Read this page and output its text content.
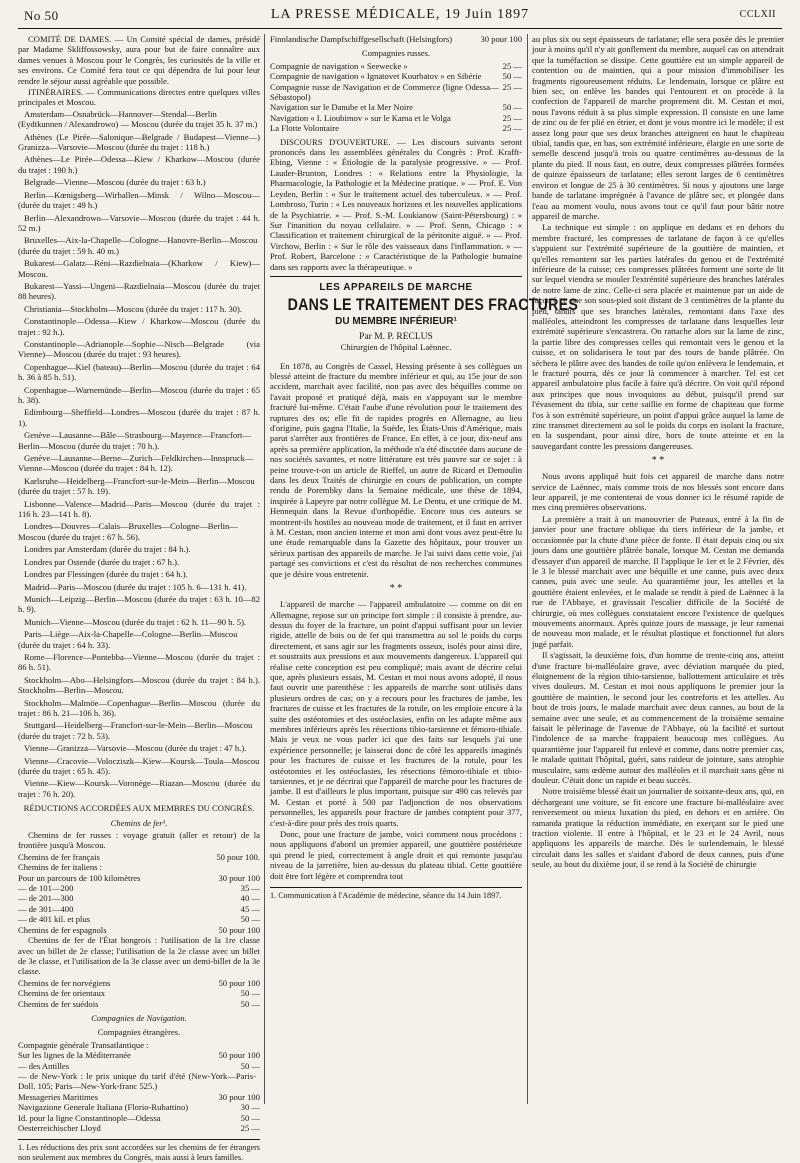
No 50	LA PRESSE MÉDICALE, 19 Juin 1897	CCLXII

COMITÉ DE DAMES. — Un Comité spécial de dames, présidé par Madame Skliffossowsky, aura pour but de faire connaître aux dames venues à Moscou pour le Congrès, les curiosités de la ville et ses environs. Ce Comité fera tout ce qui dépendra de lui pour leur rendre le séjour aussi agréable que possible.

ITINÉRAIRES. — Communications directes entre quelques villes principales et Moscou.

Amsterdam—Osnabrück—Hannover—Stendal—Berlin (Eydtkunnen / Alexandrowo) — Moscou (durée du trajet 35 h. 37 m.)
Athènes (Le Pirée—Salonique—Belgrade / Budapest—Vienne—) Granizza—Varsovie—Moscou (durée du trajet : 118 h.)
Athènes—Le Pirée—Odessa—Kiew / Kharkow—Moscou (durée du trajet : 190 h.)
Belgrade—Vienne—Moscou (durée du trajet : 63 h.)
Berlin—Kœnigsberg—Wirballen—Minsk / Wilno—Moscou—(durée du trajet : 49 h.)
Berlin—Alexandrowo—Varsovie—Moscou (durée du trajet : 44 h. 52 m.)
Bruxelles—Aix-la-Chapelle—Cologne—Hanovre-Berlin—Moscou (durée du trajet : 59 h. 40 m.)
Bukarest—Galatz—Réni—Razdielnaia—(Kharkow / Kiew)—Moscou.
Bukarest—Yassi—Ungeni—Razdielnaia—Moscou (durée du trajet 88 heures).
Christiania—Stockholm—Moscou (durée du trajet : 117 h. 30).
Constantinople—Odessa—Kiew / Kharkow—Moscou (durée du trajet : 92 h.).
Constantinople—Adrianople—Sophie—Nisch—Belgrade (via Vienne)—Moscou (durée du trajet : 93 heures).
Copenhague—Kiel (bateau)—Berlin—Moscou (durée du trajet : 64 h. 36 à 85 h. 51).
Copenhague—Warnemünde—Berlin—Moscou (durée du trajet : 65 h. 38).
Edimbourg—Sheffield—Londres—Moscou (durée du trajet : 87 h. 1).
Genève—Lausanne—Bâle—Strasbourg—Mayence—Francfort—Berlin—Moscou (durée du trajet : 70 h.).
Genève—Lausanne—Berne—Zurich—Feldkirchen—Innspruck—Vienne—Moscou (durée du trajet : 84 h. 12).
Karlsruhe—Heidelberg—Francfort-sur-le-Mein—Berlin—Moscou (durée du trajet : 57 h. 19).
Lisbonne—Valence—Madrid—Paris—Moscou (durée du trajet : 116 h. 23—141 h. 8).
Londres—Douvres—Calais—Bruxelles—Cologne—Berlin—Moscou (durée du trajet : 67 h. 56).
Londres par Amsterdam (durée du trajet : 84 h.).
Londres par Ostende (durée du trajet : 67 h.).
Londres par Flessingen (durée du trajet : 64 h.).
Madrid—Paris—Moscou (durée du trajet : 105 h. 6—131 h. 41).
Munich—Leipzig—Berlin—Moscou (durée du trajet : 63 h. 10—82 h. 9).
Munich—Vienne—Moscou (durée du trajet : 62 h. 11—90 h. 5).
Paris—Liège—Aix-la-Chapelle—Cologne—Berlin—Moscou (durée du trajet : 64 h. 33).
Rome—Florence—Pontebba—Vienne—Moscou (durée du trajet : 86 h. 51).
Stockholm—Abo—Helsingfors—Moscou (durée du trajet : 84 h.). Stockholm—Berlin—Moscou.
Stockholm—Malmöe—Copenhague—Berlin—Moscou (durée du trajet : 86 h. 21—106 h. 36).
Stuttgard—Heidelberg—Francfort-sur-le-Mein—Berlin—Moscou (durée du trajet : 72 h. 53).
Vienne—Granizza—Varsovie—Moscou (durée du trajet : 47 h.).
Vienne—Cracovie—Volocziszk—Kiew—Koursk—Toula—Moscou (durée du trajet : 65 h. 45).
Vienne—Kiew—Koursk—Voronège—Riazan—Moscou (durée du trajet : 76 h. 20).
RÉDUCTIONS ACCORDÉES AUX MEMBRES DU CONGRÈS.
Chemins de fer¹.

Chemins de fer russes : voyage gratuit (aller et retour) de la frontière jusqu'à Moscou.

Chemins de fer français	50 pour 100.
Chemins de fer italiens :
Pour un parcours de 100 kilomètres	30 pour 100
— de 101—200	35 —
— de 201—300	40 —
— de 301—400	45 —
— de 401 kil. et plus	50 —
Chemins de fer espagnols	50 pour 100

Chemins de fer de l'État hongrois : l'utilisation de la 1re classe avec un billet de 2e classe; l'utilisation de la 2e classe avec un billet de 3e classe, et l'utilisation de la 3e classe avec un demi-billet de la 3e classe.

Chemins de fer norvégiens	50 pour 100
Chemins de fer orientaux	50 —
Chemins de fer suédois	50 —
Compagnies de Navigation.
Compagnies étrangères.
Compagnie générale Transatlantique :
Sur les lignes de la Méditerranée	50 pour 100
— des Antilles	50 —
— de New-York : le prix unique du tarif d'été (New-York—Paris-Doll. 105; Paris—New-York-franc 525.)
Messageries Maritimes	30 pour 100
Navigazione Generale Italiana (Florio-Rubattino)	30 —
Id. pour la ligne Constantinople—Odessa	50 —
Oesterreichischer Lloyd	25 —
1. Les réductions des prix sont accordées sur les chemins de fer étrangers non seulement aux membres du Congrès, mais aussi à leurs familles.
Finnlandische Dampfschiffgesellschaft (Helsingfors)	30 pour 100
Compagnies russes.
Compagnie de navigation « Seewecke »	25 —
Compagnie de navigation « Ignatovet Kourbatov » en Sibérie	50 —
Compagnie russe de Navigation et de Commerce (ligne Odessa—Sébastopol)
25 —
Navigation sur le Danube et la Mer Noire	50 —
Navigation « I. Lioubimov » sur le Kama et le Volga	25 —
La Flotte Volontaire	25 —

DISCOURS D'OUVERTURE. — Les discours suivants seront prononcés dans les assemblées générales du Congrès : Prof. Krafft-Ebing, Vienne : « Étiologie de la paralysie progressive. » — Prof. Lauder-Brunton, Londres : « Relations entre la Physiologie, la Pharmacologie, la Pathologie et la Médecine pratique. » — Prof. E. Von Leyden, Berlin : « Sur le traitement actuel des tuberculeux. » — Prof. Lombroso, Turin : « Les nouveaux horizons et les nouvelles applications de la Psychiatrie. » — Prof. S.-M. Loukianow (Saint-Pétersbourg) : « Sur l'inanition du noyau cellulaire. » — Prof. Senn, Chicago : « Classification et traitement chirurgical de la péritonite aiguë. » — Prof. Virchow, Berlin : « Sur le rôle des vaisseaux dans l'inflammation. » — Prof. Robert, Barcelone : « Caractéristique de la Pathologie humaine dans ses rapports avec la thérapeutique. »

LES APPAREILS DE MARCHE
DANS LE TRAITEMENT DES FRACTURES
DU MEMBRE INFÉRIEUR¹
Par M. P. RECLUS
Chirurgien de l'hôpital Laënnec.

En 1878, au Congrès de Cassel, Hessing présente à ses collègues un blessé atteint de fracture du membre inférieur et qui, au 15e jour de son accident, marchait avec facilité, non pas avec des béquilles comme on l'avait proposé et pratiqué déjà, mais en s'appuyant sur le membre fracturé lui-même. C'était l'aube d'une révolution pour le traitement des ruptures des os; elle fit de rapides progrès en Allemagne, au lieu d'origine, puis gagna l'Italie, la Suède, les États-Unis d'Amérique, mais parut s'arrêter aux frontières de France. En effet, à ce jour, dix-neuf ans après sa première application, la méthode n'a été discutée dans aucune de nos sociétés savantes, et notre littérature est très pauvre sur ce sujet : à peine trouve-t-on un article de Rieffel, un autre de Ricard et Demoulin dans les deux Traités de chirurgie en cours de publication, un compte rendu de Porembky dans la Semaine médicale, une thèse de 1894, inspirée à Lapeyre par notre collègue M. Le Dentu, et une critique de M. Hennequin dans la Revue d'orthopédie. Encore tous ces auteurs se montrent-ils hostiles au nouveau mode de traitement, et il faut en arriver à M. Cestan, mon ancien interne et mon ami dont vous avez peut-être lu une étude remarquable dans la Gazette des hôpitaux, pour trouver un sérieux partisan des appareils de marche. Je l'ai suivi dans cette voie, j'ai partagé ses convictions et c'est du résultat de nos recherches communes que je désire vous entretenir.

* *

L'appareil de marche — l'appareil ambulatoire — comme on dit en Allemagne, repose sur un principe fort simple : il consiste à prendre, au-dessus du foyer de la fracture, un point d'appui suffisant pour un levier rigide, attelle de bois ou de fer qui transmettra au sol le poids du corps directement, et sans agir sur les fragments osseux, isolés pour ainsi dire, et soustraits aux pressions et aux mouvements dangereux. L'appareil qui réalise cette conception est peu compliqué; mais avant de décrire celui que, après plusieurs essais, M. Cestan et moi nous avons adopté, il nous faut ouvrir une parenthèse : les appareils de marche sont utilisés dans plusieurs ordres de cas; on y a recours pour les fractures de jambe, les fractures de cuisse et les fractures de la rotule, on les emploie encore à la suite des ostéotomies et des ostéoclasies, enfin on les adapte même aux membres inférieurs après les résections tibio-tarsienne et fémoro-tibiale. Mais je veux ne vous parler ici que des faits sur lesquels j'ai une expérience personnelle; je laisserai donc de côté les appareils imaginés pour les fractures de cuisse et les fractures de la rotule, pour les ostéotomies et les ostéoclasies, les résections fémoro-tibiale et tibio-tarsiennes, et je ne décrirai que l'appareil de marche pour les fractures de jambe. Il est d'ailleurs le plus important, puisque sur 490 cas relevés par M. Cestan et porté à 500 par l'adjonction de nos observations personnelles, les appareils pour fracture de jambes comptent pour 377, c'est-à-dire pour près des trois quarts.

Donc, pour une fracture de jambe, voici comment nous procédons : nous appliquons d'abord un premier appareil, une gouttière postérieure qui prend le pied, correctement à angle droit et qui remonte jusqu'au niveau de la jarretière, bien au-dessus du plateau tibial. Cette gouttière doit être fort légère et comprendra tout

1. Communication à l'Académie de médecine, séance du 14 Juin 1897.

au plus six ou sept épaisseurs de tarlatane; elle sera posée dès le premier jour à moins qu'il n'y ait gonflement du membre, auquel cas on attendrait que la tuméfaction se dissipe. Cette gouttière est un simple appareil de contention ou de maintien, qui a pour mission d'immobiliser les fragments rigoureusement réduits. Le lendemain, lorsque ce plâtre est bien sec, on enlève les bandes qui l'entourent et on procède à la confection de l'appareil de marche proprement dit. M. Cestan et moi, nous l'avons réduit à sa plus simple expression. Il consiste en une lame de zinc ou de fer plié en étrier, et dont je vous montre ici le modèle; il est assez long pour que ses deux branches atteignent en haut le chapiteau tibial, tandis que, en bas, son extrémité inférieure, élargie en une sorte de semelle descend jusqu'à trois ou quatre centimètres au-dessous de la plante du pied. Il nous faut, en outre, deux compresses plâtrées formées de quinze épaisseurs de tarlatane; elles seront larges de 6 centimètres environ et longue de 25 à 30 centimètres. Si nous y ajoutons une large bande de tarlatane imprégnée à l'avance de plâtre sec, et plongée dans l'eau au moment voulu, nous avons tout ce qu'il faut pour bâtir notre appareil de marche.

La technique est simple : on applique en dedans et en dehors du membre fracturé, les compresses de tarlatane de façon à ce qu'elles s'appuient sur l'extrémité supérieure de la gouttière de maintien, et qu'elles remontent sur les parties latérales du genou et de l'extrémité inférieure de la cuisse; ces compresses plâtrées forment une sorte de lit sur lequel viendra se mouler l'extrémité supérieure des branches latérales de notre lame de zinc. Celle-ci sera placée et maintenue par un aide de façon à ce que son sous-pied soit distant de 3 centimètres de la plante du pied, tandis que ses branches latérales, remontant dans l'axe des malléoles, atteindront les compresses de tarlatane dans lesquelles leur extrémité supérieure s'encastrera. On rattache alors sur la lame de zinc, la partie libre des compresses celles qui remontait vers le genou et la cuisse, et on solidarisera le tout par des tours de bande plâtrée. On séchera le plâtre avec des bandes de toile qu'on enlèvera le lendemain, et le fracturé pourra, dès ce jour là commencer à marcher. Tel est cet appareil ambulatoire plus facile à faire qu'à décrire. On voit qu'il répond aux principes que nous invoquions au début, puisqu'il prend sur l'évasement du tibia, sur cette saillie en forme de chapiteau que forme l'os à son extrémité supérieure, un point d'appui grâce auquel la lame de zinc transmet directement au sol le poids du corps en isolant la fracture, en la suspendant, pour ainsi dire, hors de toute atteinte et en la sauvegardant contre les pressions dangereuses.

* *

Nous avons appliqué huit fois cet appareil de marche dans notre service de Laënnec, mais comme trois de nos blessés sont encore dans leur appareil, je me contenterai de vous donner ici le résumé rapide de mes cinq premières observations.

La première a trait à un manouvrier de Puteaux, entré à la fin de janvier pour une fracture oblique du tiers inférieur de la jambe, et occasionnée par la chute d'une pièce de fonte. Il était depuis cinq ou six jours dans une gouttière plâtrée banale, lorsque M. Cestan me demanda d'essayer d'un appareil de marche. Il l'applique le 1er et le 2 Février, dès le 3 le blessé marchait avec une béquille et une canne, puis avec deux cannes, puis avec une seule. Au quarantième jour, les attelles et la gouttière étaient enlevées, et le malade se rendit à pied de Laënnec à la rue de l'Abbaye, et gravissait l'escalier difficile de la Société de chirurgie, où mes collègues constataient encore l'existence de quelques mouvements anormaux. Après quinze jours de massage, je leur ramenai de nouveau mon malade, et le résultat plastique et fonctionnel fut alors jugé parfait.

Il s'agissait, la deuxième fois, d'un homme de trente-cinq ans, atteint d'une fracture bi-malléolaire grave, avec déviation marquée du pied, éloignement de la région tibio-tarsienne, ballottement articulaire et très vives douleurs. M. Cestan et moi nous appliquons le premier jour la gouttière de maintien, le second jour les contreforts et les attelles. Au bout de trois jours, le malade marchait avec deux cannes, au bout de la semaine avec une seule, et au commencement de la troisième semaine faisait le pèlerinage de l'avenue de l'Abbaye, où la facilité et surtout l'indolence de sa marche frappaient beaucoup mes collègues. Au quarantième jour l'appareil fut enlevé et comme, dans notre premier cas, le malade quittait l'hôpital, guéri, sans raideur de jointure, sans atrophie musculaire, sans œdème autour des malléoles et il marchait sans gêne ni douleur. C'était donc un rapide et beau succès.

Notre troisième blessé était un journalier de soixante-deux ans, qui, en déchargeant une voiture, se fit encore une fracture bi-malléolaire avec renversement ou mieux luxation du pied, en dehors et en arrière. On ramanda pratique la réduction immédiate, en exerçant sur le pied une traction violente. Il entre à l'hôpital, et le 23 et le 24 Avril, nous appliquons les appareils de marche. Dès le surlendemain, le blessé circulait dans les salles et s'aidant d'abord de deux cannes, puis d'une seule, au bout du dixième jour, il se rend à la Société de chirurgie
